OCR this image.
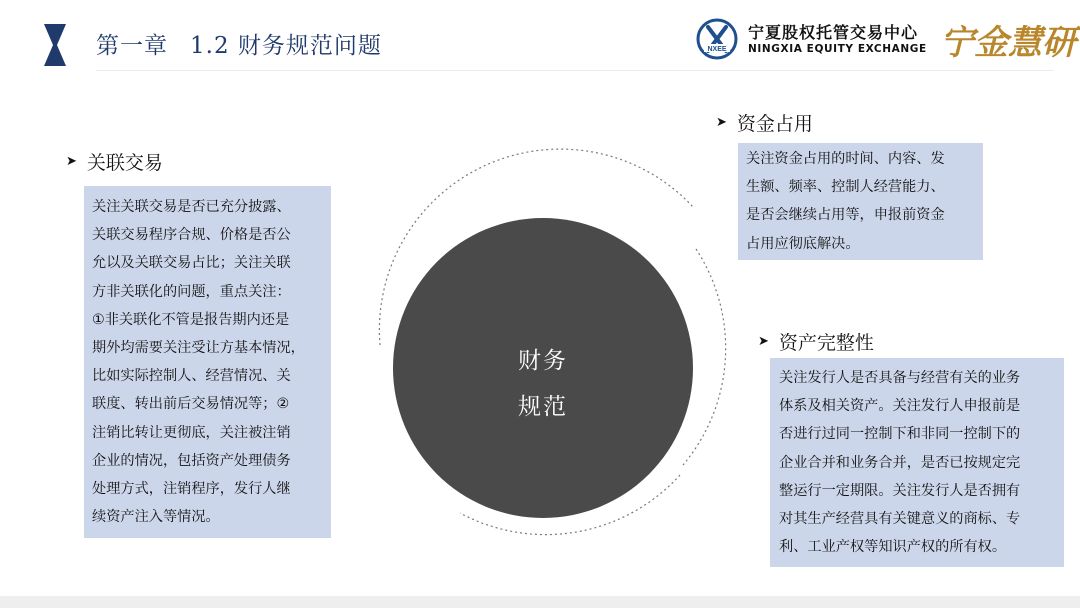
第一章 1.2 财务规范问题	NXEE
宁夏股权托管交易中心
NINGXIA EQUITY EXCHANGE 宁金慧研
财务
规范
➤ 关联交易

关注关联交易是否已充分披露、

关联交易程序合规、价格是否公

允以及关联交易占比；关注关联

方非关联化的问题，重点关注：

①非关联化不管是报告期内还是

期外均需要关注受让方基本情况，

比如实际控制人、经营情况、关

联度、转出前后交易情况等；②

注销比转让更彻底，关注被注销

企业的情况，包括资产处理债务

处理方式，注销程序，发行人继

续资产注入等情况。

➤ 资金占用

关注资金占用的时间、内容、发

生额、频率、控制人经营能力、

是否会继续占用等，申报前资金

占用应彻底解决。

➤ 资产完整性

关注发行人是否具备与经营有关的业务

体系及相关资产。关注发行人申报前是

否进行过同一控制下和非同一控制下的

企业合并和业务合并，是否已按规定完

整运行一定期限。关注发行人是否拥有

对其生产经营具有关键意义的商标、专

利、工业产权等知识产权的所有权。
